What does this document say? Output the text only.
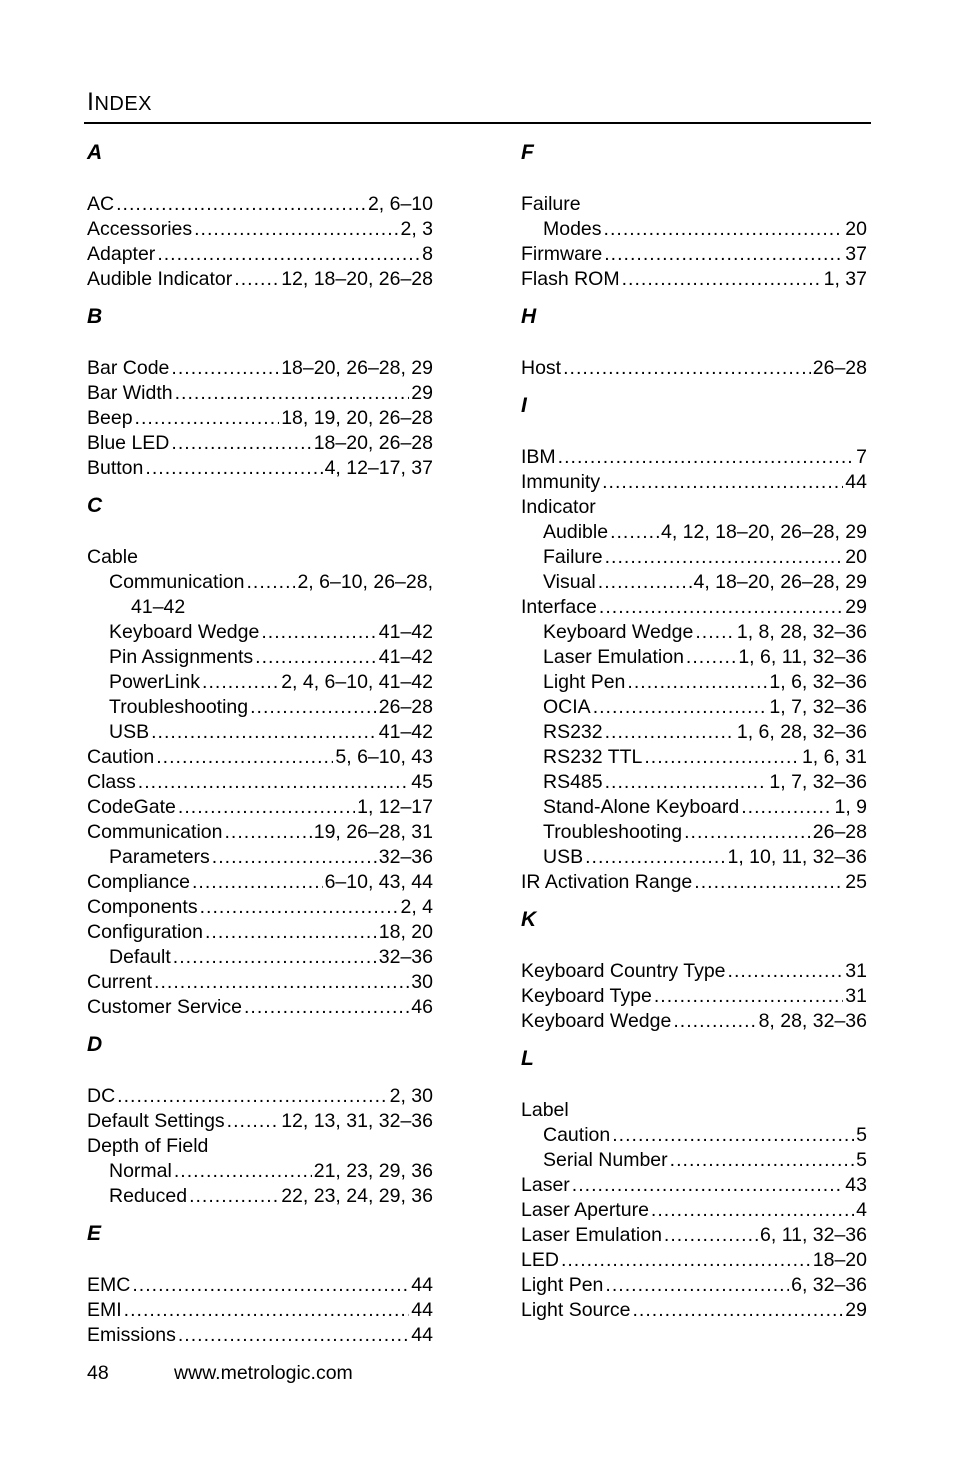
INDEX
A
AC . . .	2, 6–10
Accessories . . .	2, 3
Adapter . . .	8
Audible Indicator . . .	12, 18–20, 26–28
B
Bar Code . . .	18–20, 26–28, 29
Bar Width . . .	29
Beep . . .	18, 19, 20, 26–28
Blue LED . . .	18–20, 26–28
Button . . .	4, 12–17, 37
C
Cable
Communication . . .	2, 6–10, 26–28,
41–42
Keyboard Wedge . . .	41–42
Pin Assignments . . .	41–42
PowerLink . . .	2, 4, 6–10, 41–42
Troubleshooting . . .	26–28
USB . . .	41–42
Caution . . .	5, 6–10, 43
Class . . .	45
CodeGate . . .	1, 12–17
Communication . . .	19, 26–28, 31
Parameters . . .	32–36
Compliance . . .	6–10, 43, 44
Components . . .	2, 4
Configuration . . .	18, 20
Default . . .	32–36
Current . . .	30
Customer Service . . .	46
D
DC . . .	2, 30
Default Settings . . .	12, 13, 31, 32–36
Depth of Field
Normal . . .	21, 23, 29, 36
Reduced . . .	22, 23, 24, 29, 36
E
EMC . . .	44
EMI . . .	44
Emissions . . .	44
F
Failure
Modes . . .	20
Firmware . . .	37
Flash ROM . . .	1, 37
H
Host . . .	26–28
I
IBM . . .	7
Immunity . . .	44
Indicator
Audible . . .	4, 12, 18–20, 26–28, 29
Failure . . .	20
Visual . . .	4, 18–20, 26–28, 29
Interface . . .	29
Keyboard Wedge . . . 1, 8, 28, 32–36
Laser Emulation . . .	1, 6, 11, 32–36
Light Pen . . .	1, 6, 32–36
OCIA . . .	1, 7, 32–36
RS232 . . .	1, 6, 28, 32–36
RS232 TTL . . .	1, 6, 31
RS485 . . .	1, 7, 32–36
Stand-Alone Keyboard . . .	1, 9
Troubleshooting . . .	26–28
USB . . .	1, 10, 11, 32–36
IR Activation Range . . .	25
K
Keyboard Country Type . . .	31
Keyboard Type . . .	31
Keyboard Wedge . . .	8, 28, 32–36
L
Label
Caution . . .	5
Serial Number . . .	5
Laser . . .	43
Laser Aperture . . .	4
Laser Emulation . . .	6, 11, 32–36
LED . . .	18–20
Light Pen . . .	6, 32–36
Light Source . . .	29
48	www.metrologic.com
